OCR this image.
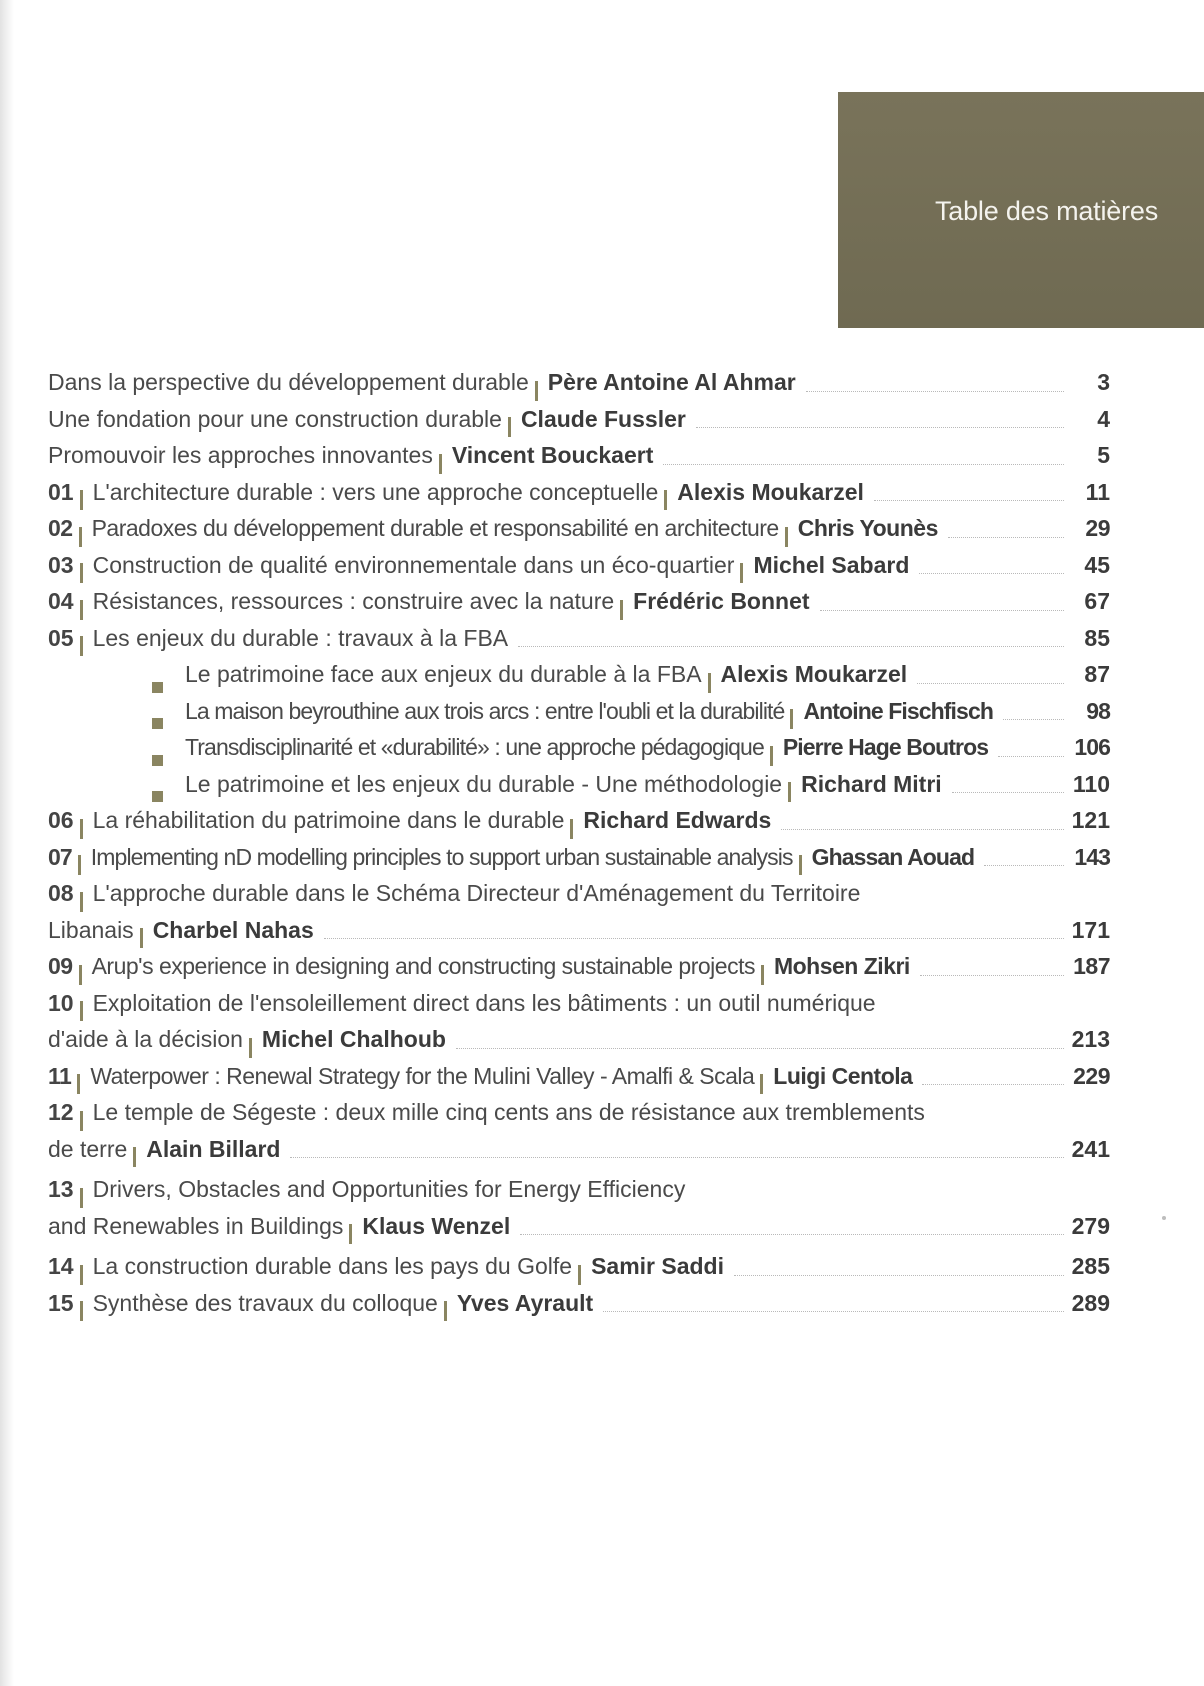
Table des matières
Dans la perspective du développement durable Père Antoine Al Ahmar	3
Une fondation pour une construction durable Claude Fussler	4
Promouvoir les approches innovantes Vincent Bouckaert	5
01 L'architecture durable : vers une approche conceptuelle Alexis Moukarzel	11
02 Paradoxes du développement durable et responsabilité en architecture Chris Younès	29
03 Construction de qualité environnementale dans un éco-quartier Michel Sabard	45
04 Résistances, ressources : construire avec la nature Frédéric Bonnet	67
05 Les enjeux du durable : travaux à la FBA	85
Le patrimoine face aux enjeux du durable à la FBA Alexis Moukarzel	87
La maison beyrouthine aux trois arcs : entre l'oubli et la durabilité Antoine Fischfisch	98
Transdisciplinarité et «durabilité» : une approche pédagogique Pierre Hage Boutros	106
Le patrimoine et les enjeux du durable - Une méthodologie Richard Mitri	110
06 La réhabilitation du patrimoine dans le durable Richard Edwards	121
07 Implementing nD modelling principles to support urban sustainable analysis Ghassan Aouad	143
08 L'approche durable dans le Schéma Directeur d'Aménagement du Territoire
Libanais Charbel Nahas	171
09 Arup's experience in designing and constructing sustainable projects Mohsen Zikri	187
10 Exploitation de l'ensoleillement direct dans les bâtiments : un outil numérique
d'aide à la décision Michel Chalhoub	213
11 Waterpower : Renewal Strategy for the Mulini Valley - Amalfi & Scala Luigi Centola	229
12 Le temple de Ségeste : deux mille cinq cents ans de résistance aux tremblements
de terre Alain Billard	241
13 Drivers, Obstacles and Opportunities for Energy Efficiency
and Renewables in Buildings Klaus Wenzel	279
14 La construction durable dans les pays du Golfe Samir Saddi	285
15 Synthèse des travaux du colloque Yves Ayrault	289
